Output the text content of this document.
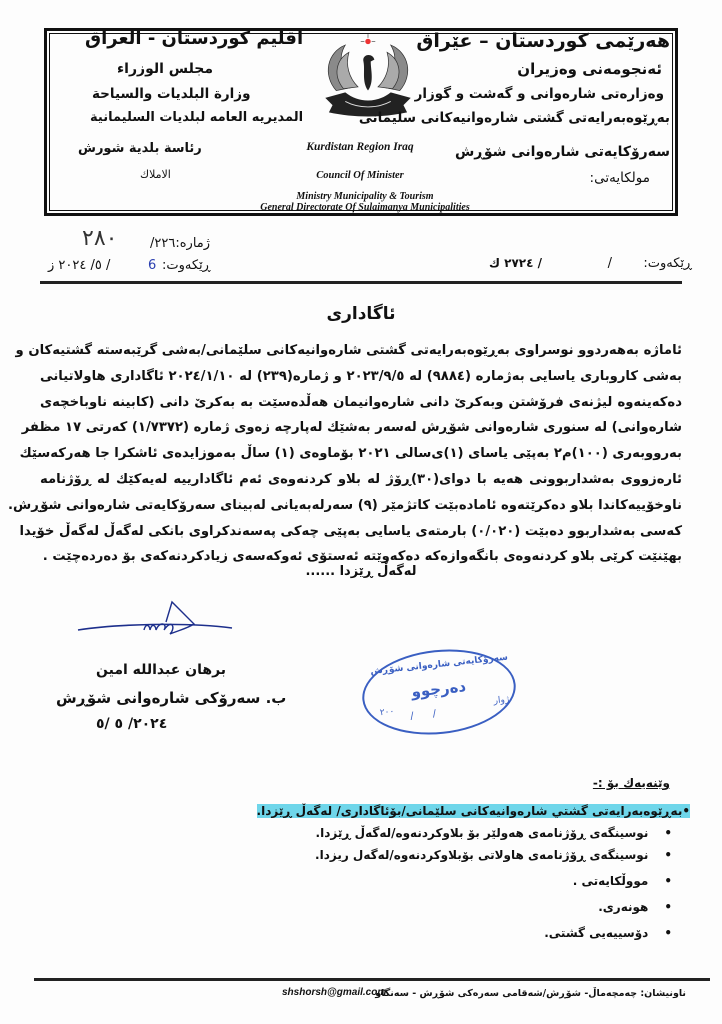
هەرێمی کوردستان – عێراق
ئەنجومەنی وەزیران
وەزارەتی شارەوانی و گەشت و گوزار
بەڕێوەبەرایەتی گشتی شارەوانیەکانی سلیمانی
سەرۆکایەتی شارەوانی شۆڕش
مولکایەتی:
اقليم كوردستان - العراق
مجلس الوزراء
وزارة البلديات والسياحة
المديريه العامه لبلديات السليمانية
رئاسة بلدية شورش
الاملاك
Kurdistan Region Iraq
Council Of Minister
Ministry Municipality & Tourism
General Directorate Of Sulaimanya Municipalities
ڕێکەوت:
/
/ ٢٧٢٤ ك
ژمارە:٢٢٦/
٢٨٠
ڕێکەوت:
6
/ ٥/ ٢٠٢٤ ز
ئاگاداری
ئاماژە بەهەردوو نوسراوی بەڕێوەبەرایەتی گشتی شارەوانیەکانی سلێمانی/بەشی گرێبەستە گشتیەکان و
بەشی کاروباری یاسایی بەژمارە (٩٨٨٤) لە ٢٠٢٣/٩/٥ و ژمارە(٢٣٩) لە ٢٠٢٤/١/١٠ ئاگاداری هاولاتیانی
دەکەینەوە لیژنەی فرۆشتن وبەکرێ دانی شارەوانیمان هەڵدەسێت بە بەکرێ دانی (کابینە ناوباخچەی
شارەوانی) لە سنوری شارەوانی شۆڕش لەسەر بەشێك لەپارچە زەوی ژمارە (١/٧٣٧٢) کەرتی ١٧ مظفر
بەرووبەری (١٠٠)م٢ بەپێی یاسای (١)ی‌سالی ٢٠٢١ بۆماوەی (١) ساڵ بەموزایدەی ئاشکرا جا هەرکەسێك
ئارەزووی بەشداربوونی هەیە با دوای(٣٠)ڕۆژ لە بلاو کردنەوەی ئەم ئاگادارییە لەیەکێك لە ڕۆژنامە
ناوخۆییەکاندا بلاو دەکرێتەوە ئامادەبێت کاتژمێر (٩) سەرلەبەیانی لەبینای سەرۆکایەتی شارەوانی شۆڕش.
کەسی بەشداربوو دەبێت (٠/٠٢٠) بارمتەی یاسایی بەپێی چەکی پەسەندکراوی بانکی لەگەڵ لەگەڵ خۆیدا
بهێنێت کرێی بلاو کردنەوەی بانگەوازەکە دەکەوێتە ئەستۆی ئەوکەسەی زیادکردنەکەی بۆ دەردەچێت .
لەگەڵ ڕێزدا ......
برهان عبدالله امين
ب. سەرۆکی شارەوانی شۆڕش
٢٠٢٤/ ٥ /٥
سەرۆکایەتی شارەوانی شۆڕش
دەرچوو
٢٠٠ /      /
ژوار
وێنەیەك بۆ :-
•بەڕێوەبەرایەتی گشتي شارەوانیەکانی سلێمانی/بۆئاگاداری/ لەگەڵ ڕێزدا.
•نوسینگەی ڕۆژنامەی هەولێر بۆ بلاوکردنەوە/لەگەڵ ڕێزدا.
•نوسینگەی ڕۆژنامەی هاولاتی بۆبلاوکردنەوە/لەگەل ریزدا.
•مووڵکایەتی .
•هونەری.
•دۆسییەیی گشتی.
ناونیشان: چەمچەماڵ- شۆڕش/شەقامی سەرەکی شۆڕش - سەنگاو
shshorsh@gmail.com
